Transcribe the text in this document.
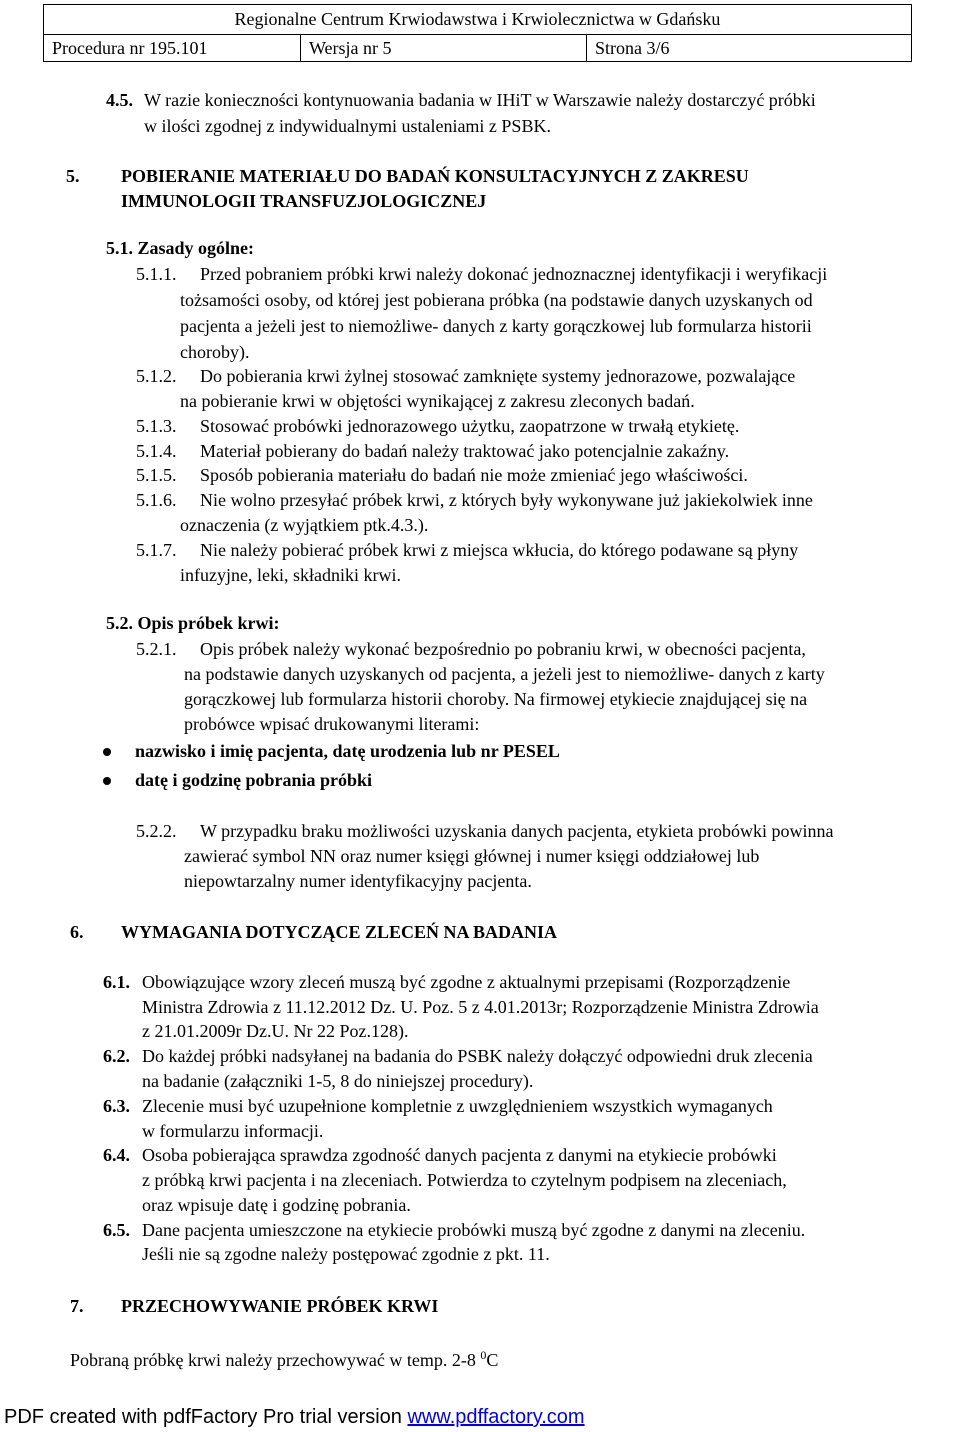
Regionalne Centrum Krwiodawstwa i Krwiolecznictwa w Gdańsku
Procedura nr 195.101	Wersja nr 5	Strona 3/6
4.5. W razie konieczności kontynuowania badania w IHiT w Warszawie należy dostarczyć próbki
w ilości zgodnej z indywidualnymi ustaleniami z PSBK.
5. POBIERANIE MATERIAŁU DO BADAŃ KONSULTACYJNYCH Z ZAKRESU
IMMUNOLOGII TRANSFUZJOLOGICZNEJ
5.1. Zasady ogólne:
5.1.1. Przed pobraniem próbki krwi należy dokonać jednoznacznej identyfikacji i weryfikacji
tożsamości osoby, od której jest pobierana próbka (na podstawie danych uzyskanych od
pacjenta a jeżeli jest to niemożliwe- danych z karty gorączkowej lub formularza historii
choroby).
5.1.2. Do pobierania krwi żylnej stosować zamknięte systemy jednorazowe, pozwalające
na pobieranie krwi w objętości wynikającej z zakresu zleconych badań.
5.1.3. Stosować probówki jednorazowego użytku, zaopatrzone w trwałą etykietę.
5.1.4. Materiał pobierany do badań należy traktować jako potencjalnie zakaźny.
5.1.5. Sposób pobierania materiału do badań nie może zmieniać jego właściwości.
5.1.6. Nie wolno przesyłać próbek krwi, z których były wykonywane już jakiekolwiek inne
oznaczenia (z wyjątkiem ptk.4.3.).
5.1.7. Nie należy pobierać próbek krwi z miejsca wkłucia, do którego podawane są płyny
infuzyjne, leki, składniki krwi.
5.2. Opis próbek krwi:
5.2.1. Opis próbek należy wykonać bezpośrednio po pobraniu krwi, w obecności pacjenta,
na podstawie danych uzyskanych od pacjenta, a jeżeli jest to niemożliwe- danych z karty
gorączkowej lub formularza historii choroby. Na firmowej etykiecie znajdującej się na
probówce wpisać drukowanymi literami:
nazwisko i imię pacjenta, datę urodzenia lub nr PESEL
datę i godzinę pobrania próbki
5.2.2. W przypadku braku możliwości uzyskania danych pacjenta, etykieta probówki powinna
zawierać symbol NN oraz numer księgi głównej i numer księgi oddziałowej lub
niepowtarzalny numer identyfikacyjny pacjenta.
6. WYMAGANIA DOTYCZĄCE ZLECEŃ NA BADANIA
6.1. Obowiązujące wzory zleceń muszą być zgodne z aktualnymi przepisami (Rozporządzenie
Ministra Zdrowia z 11.12.2012 Dz. U. Poz. 5 z 4.01.2013r; Rozporządzenie Ministra Zdrowia
z 21.01.2009r Dz.U. Nr 22 Poz.128).
6.2. Do każdej próbki nadsyłanej na badania do PSBK należy dołączyć odpowiedni druk zlecenia
na badanie (załączniki 1-5, 8 do niniejszej procedury).
6.3. Zlecenie musi być uzupełnione kompletnie z uwzględnieniem wszystkich wymaganych
w formularzu informacji.
6.4. Osoba pobierająca sprawdza zgodność danych pacjenta z danymi na etykiecie probówki
z próbką krwi pacjenta i na zleceniach. Potwierdza to czytelnym podpisem na zleceniach,
oraz wpisuje datę i godzinę pobrania.
6.5. Dane pacjenta umieszczone na etykiecie probówki muszą być zgodne z danymi na zleceniu.
Jeśli nie są zgodne należy postępować zgodnie z pkt. 11.
7. PRZECHOWYWANIE PRÓBEK KRWI
Pobraną próbkę krwi należy przechowywać w temp. 2-8 $^0$C
PDF created with pdfFactory Pro trial version www.pdffactory.com
